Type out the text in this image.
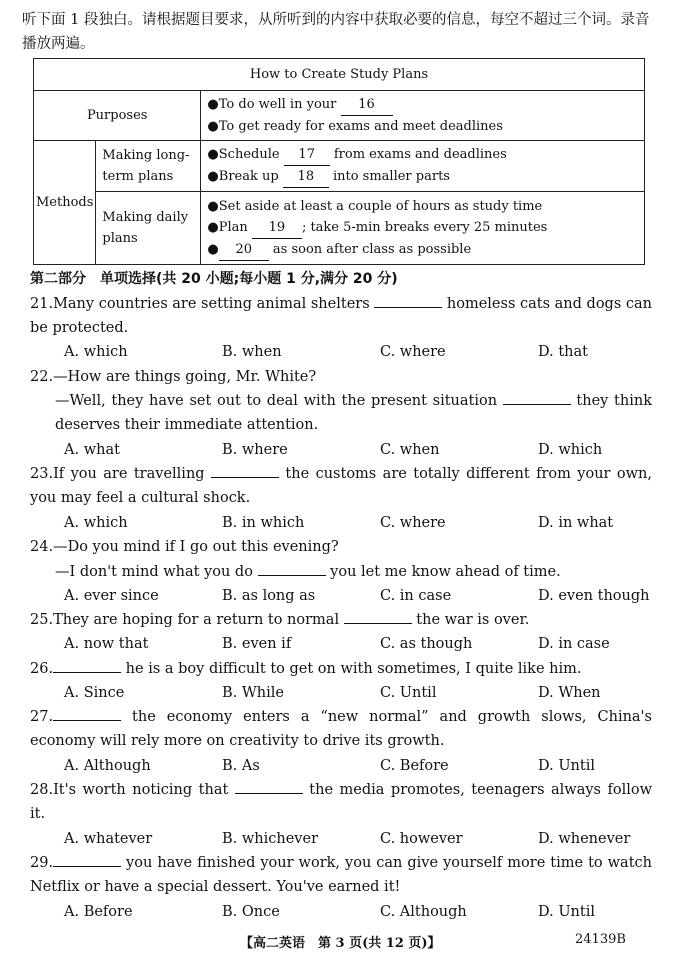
听下面 1 段独白。请根据题目要求，从所听到的内容中获取必要的信息，每空不超过三个词。录音播放两遍。
How to Create Study Plans		
Purposes		●To do well in your 16
●To get ready for exams and meet deadlines

Methods	Making long-term plans	●Schedule 17 from exams and deadlines
●Break up 18 into smaller parts

	Making daily plans	●Set aside at least a couple of hours as study time
●Plan 19 ; take 5-min breaks every 25 minutes
● 20 as soon after class as possible
第二部分　单项选择(共 20 小题;每小题 1 分,满分 20 分)
21.Many countries are setting animal shelters	homeless cats and dogs can be protected.
A. which	B. when	C. where	D. that
22.—How are things going, Mr. White?
—Well, they have set out to deal with the present situation	they think deserves their immediate attention.
A. what	B. where	C. when	D. which
23.If you are travelling	the customs are totally different from your own, you may feel a cultural shock.
A. which	B. in which	C. where	D. in what
24.—Do you mind if I go out this evening?
—I don't mind what you do	you let me know ahead of time.
A. ever since	B. as long as	C. in case	D. even though
25.They are hoping for a return to normal	the war is over.
A. now that	B. even if	C. as though	D. in case
26.	he is a boy difficult to get on with sometimes, I quite like him.
A. Since	B. While	C. Until	D. When
27.	the economy enters a “new normal” and growth slows, China's economy will rely more on creativity to drive its growth.
A. Although	B. As	C. Before	D. Until
28.It's worth noticing that	the media promotes, teenagers always follow it.
A. whatever	B. whichever	C. however	D. whenever
29.	you have finished your work, you can give yourself more time to watch Netflix or have a special dessert. You've earned it!
A. Before	B. Once	C. Although	D. Until
【高二英语　第 3 页(共 12 页)】	24139B
